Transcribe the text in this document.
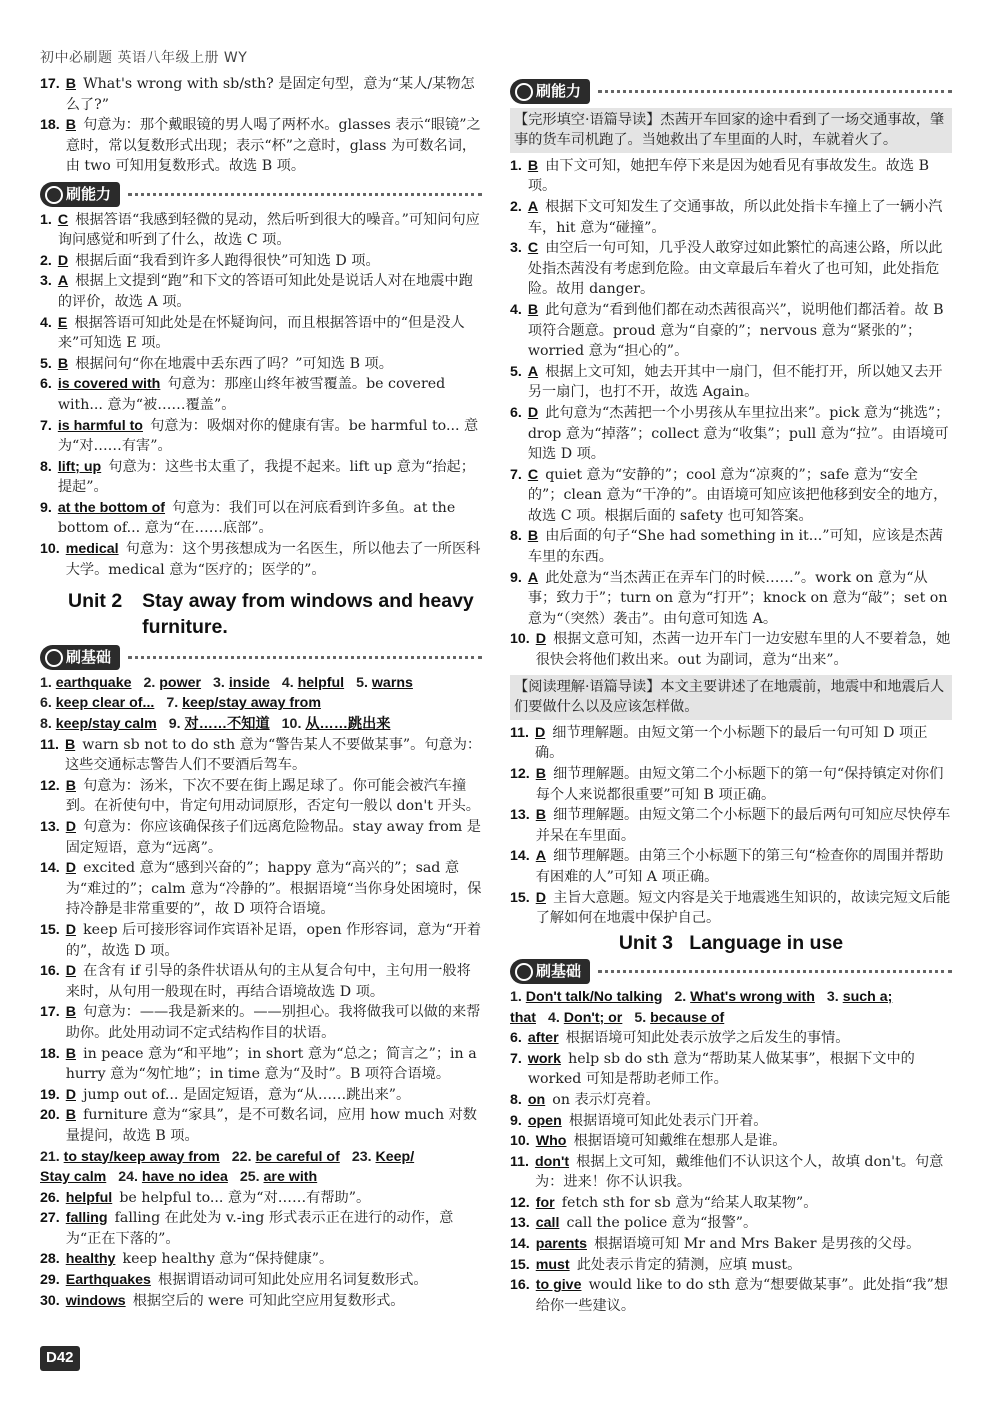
初中必刷题 英语八年级上册 WY
17. B What's wrong with sb/sth? 是固定句型，意为“某人/某物怎么了?”
18. B 句意为：那个戴眼镜的男人喝了两杯水。glasses 表示“眼镜”之意时，常以复数形式出现；表示“杯”之意时，glass 为可数名词，由 two 可知用复数形式。故选 B 项。
刷能力
1. C 根据答语“我感到轻微的晃动，然后听到很大的噪音。”可知问句应询问感觉和听到了什么，故选 C 项。
2. D 根据后面“我看到许多人跑得很快”可知选 D 项。
3. A 根据上文提到“跑”和下文的答语可知此处是说话人对在地震中跑的评价，故选 A 项。
4. E 根据答语可知此处是在怀疑询问，而且根据答语中的“但是没人来”可知选 E 项。
5. B 根据问句“你在地震中丢东西了吗？”可知选 B 项。
6. is covered with 句意为：那座山终年被雪覆盖。be covered with... 意为“被……覆盖”。
7. is harmful to 句意为：吸烟对你的健康有害。be harmful to... 意为“对……有害”。
8. lift; up 句意为：这些书太重了，我提不起来。lift up 意为“抬起；提起”。
9. at the bottom of 句意为：我们可以在河底看到许多鱼。at the bottom of... 意为“在……底部”。
10. medical 句意为：这个男孩想成为一名医生，所以他去了一所医科大学。medical 意为“医疗的；医学的”。
Unit 2 Stay away from windows and heavy furniture.
刷基础
1. earthquake 2. power 3. inside 4. helpful 5. warns
6. keep clear of... 7. keep/stay away from
8. keep/stay calm 9. 对……不知道 10. 从……跳出来
11. B warn sb not to do sth 意为“警告某人不要做某事”。句意为：这些交通标志警告人们不要酒后驾车。
12. B 句意为：汤米，下次不要在街上踢足球了。你可能会被汽车撞到。在祈使句中，肯定句用动词原形，否定句一般以 don't 开头。
13. D 句意为：你应该确保孩子们远离危险物品。stay away from 是固定短语，意为“远离”。
14. D excited 意为“感到兴奋的”；happy 意为“高兴的”；sad 意为“难过的”；calm 意为“冷静的”。根据语境“当你身处困境时，保持冷静是非常重要的”，故 D 项符合语境。
15. D keep 后可接形容词作宾语补足语，open 作形容词，意为“开着的”，故选 D 项。
16. D 在含有 if 引导的条件状语从句的主从复合句中，主句用一般将来时，从句用一般现在时，再结合语境故选 D 项。
17. B 句意为：——我是新来的。——别担心。我将做我可以做的来帮助你。此处用动词不定式结构作目的状语。
18. B in peace 意为“和平地”；in short 意为“总之；简言之”；in a hurry 意为“匆忙地”；in time 意为“及时”。B 项符合语境。
19. D jump out of... 是固定短语，意为“从……跳出来”。
20. B furniture 意为“家具”，是不可数名词，应用 how much 对数量提问，故选 B 项。
21. to stay/keep away from 22. be careful of 23. Keep/
Stay calm 24. have no idea 25. are with
26. helpful be helpful to... 意为“对……有帮助”。
27. falling falling 在此处为 v.-ing 形式表示正在进行的动作，意为“正在下落的”。
28. healthy keep healthy 意为“保持健康”。
29. Earthquakes 根据谓语动词可知此处应用名词复数形式。
30. windows 根据空后的 were 可知此空应用复数形式。
刷能力
【完形填空·语篇导读】杰茜开车回家的途中看到了一场交通事故，肇事的货车司机跑了。当她救出了车里面的人时，车就着火了。
1. B 由下文可知，她把车停下来是因为她看见有事故发生。故选 B 项。
2. A 根据下文可知发生了交通事故，所以此处指卡车撞上了一辆小汽车，hit 意为“碰撞”。
3. C 由空后一句可知，几乎没人敢穿过如此繁忙的高速公路，所以此处指杰茜没有考虑到危险。由文章最后车着火了也可知，此处指危险。故用 danger。
4. B 此句意为“看到他们都在动杰茜很高兴”，说明他们都活着。故 B 项符合题意。proud 意为“自豪的”；nervous 意为“紧张的”；worried 意为“担心的”。
5. A 根据上文可知，她去开其中一扇门，但不能打开，所以她又去开另一扇门，也打不开，故选 Again。
6. D 此句意为“杰茜把一个小男孩从车里拉出来”。pick 意为“挑选”；drop 意为“掉落”；collect 意为“收集”；pull 意为“拉”。由语境可知选 D 项。
7. C quiet 意为“安静的”；cool 意为“凉爽的”；safe 意为“安全的”；clean 意为“干净的”。由语境可知应该把他移到安全的地方，故选 C 项。根据后面的 safety 也可知答案。
8. B 由后面的句子“She had something in it...”可知，应该是杰茜车里的东西。
9. A 此处意为“当杰茜正在弄车门的时候……”。work on 意为“从事；致力于”；turn on 意为“打开”；knock on 意为“敲”；set on 意为“（突然）袭击”。由句意可知选 A。
10. D 根据文意可知，杰茜一边开车门一边安慰车里的人不要着急，她很快会将他们救出来。out 为副词，意为“出来”。
【阅读理解·语篇导读】本文主要讲述了在地震前，地震中和地震后人们要做什么以及应该怎样做。
11. D 细节理解题。由短文第一个小标题下的最后一句可知 D 项正确。
12. B 细节理解题。由短文第二个小标题下的第一句“保持镇定对你们每个人来说都很重要”可知 B 项正确。
13. B 细节理解题。由短文第二个小标题下的最后两句可知应尽快停车并呆在车里面。
14. A 细节理解题。由第三个小标题下的第三句“检查你的周围并帮助有困难的人”可知 A 项正确。
15. D 主旨大意题。短文内容是关于地震逃生知识的，故读完短文后能了解如何在地震中保护自己。
Unit 3 Language in use
刷基础
1. Don't talk/No talking 2. What's wrong with 3. such a;
that 4. Don't; or 5. because of
6. after 根据语境可知此处表示放学之后发生的事情。
7. work help sb do sth 意为“帮助某人做某事”，根据下文中的 worked 可知是帮助老师工作。
8. on on 表示灯亮着。
9. open 根据语境可知此处表示门开着。
10. Who 根据语境可知戴维在想那人是谁。
11. don't 根据上文可知，戴维他们不认识这个人，故填 don't。句意为：进来！你不认识我。
12. for fetch sth for sb 意为“给某人取某物”。
13. call call the police 意为“报警”。
14. parents 根据语境可知 Mr and Mrs Baker 是男孩的父母。
15. must 此处表示肯定的猜测，应填 must。
16. to give would like to do sth 意为“想要做某事”。此处指“我”想给你一些建议。
D42
